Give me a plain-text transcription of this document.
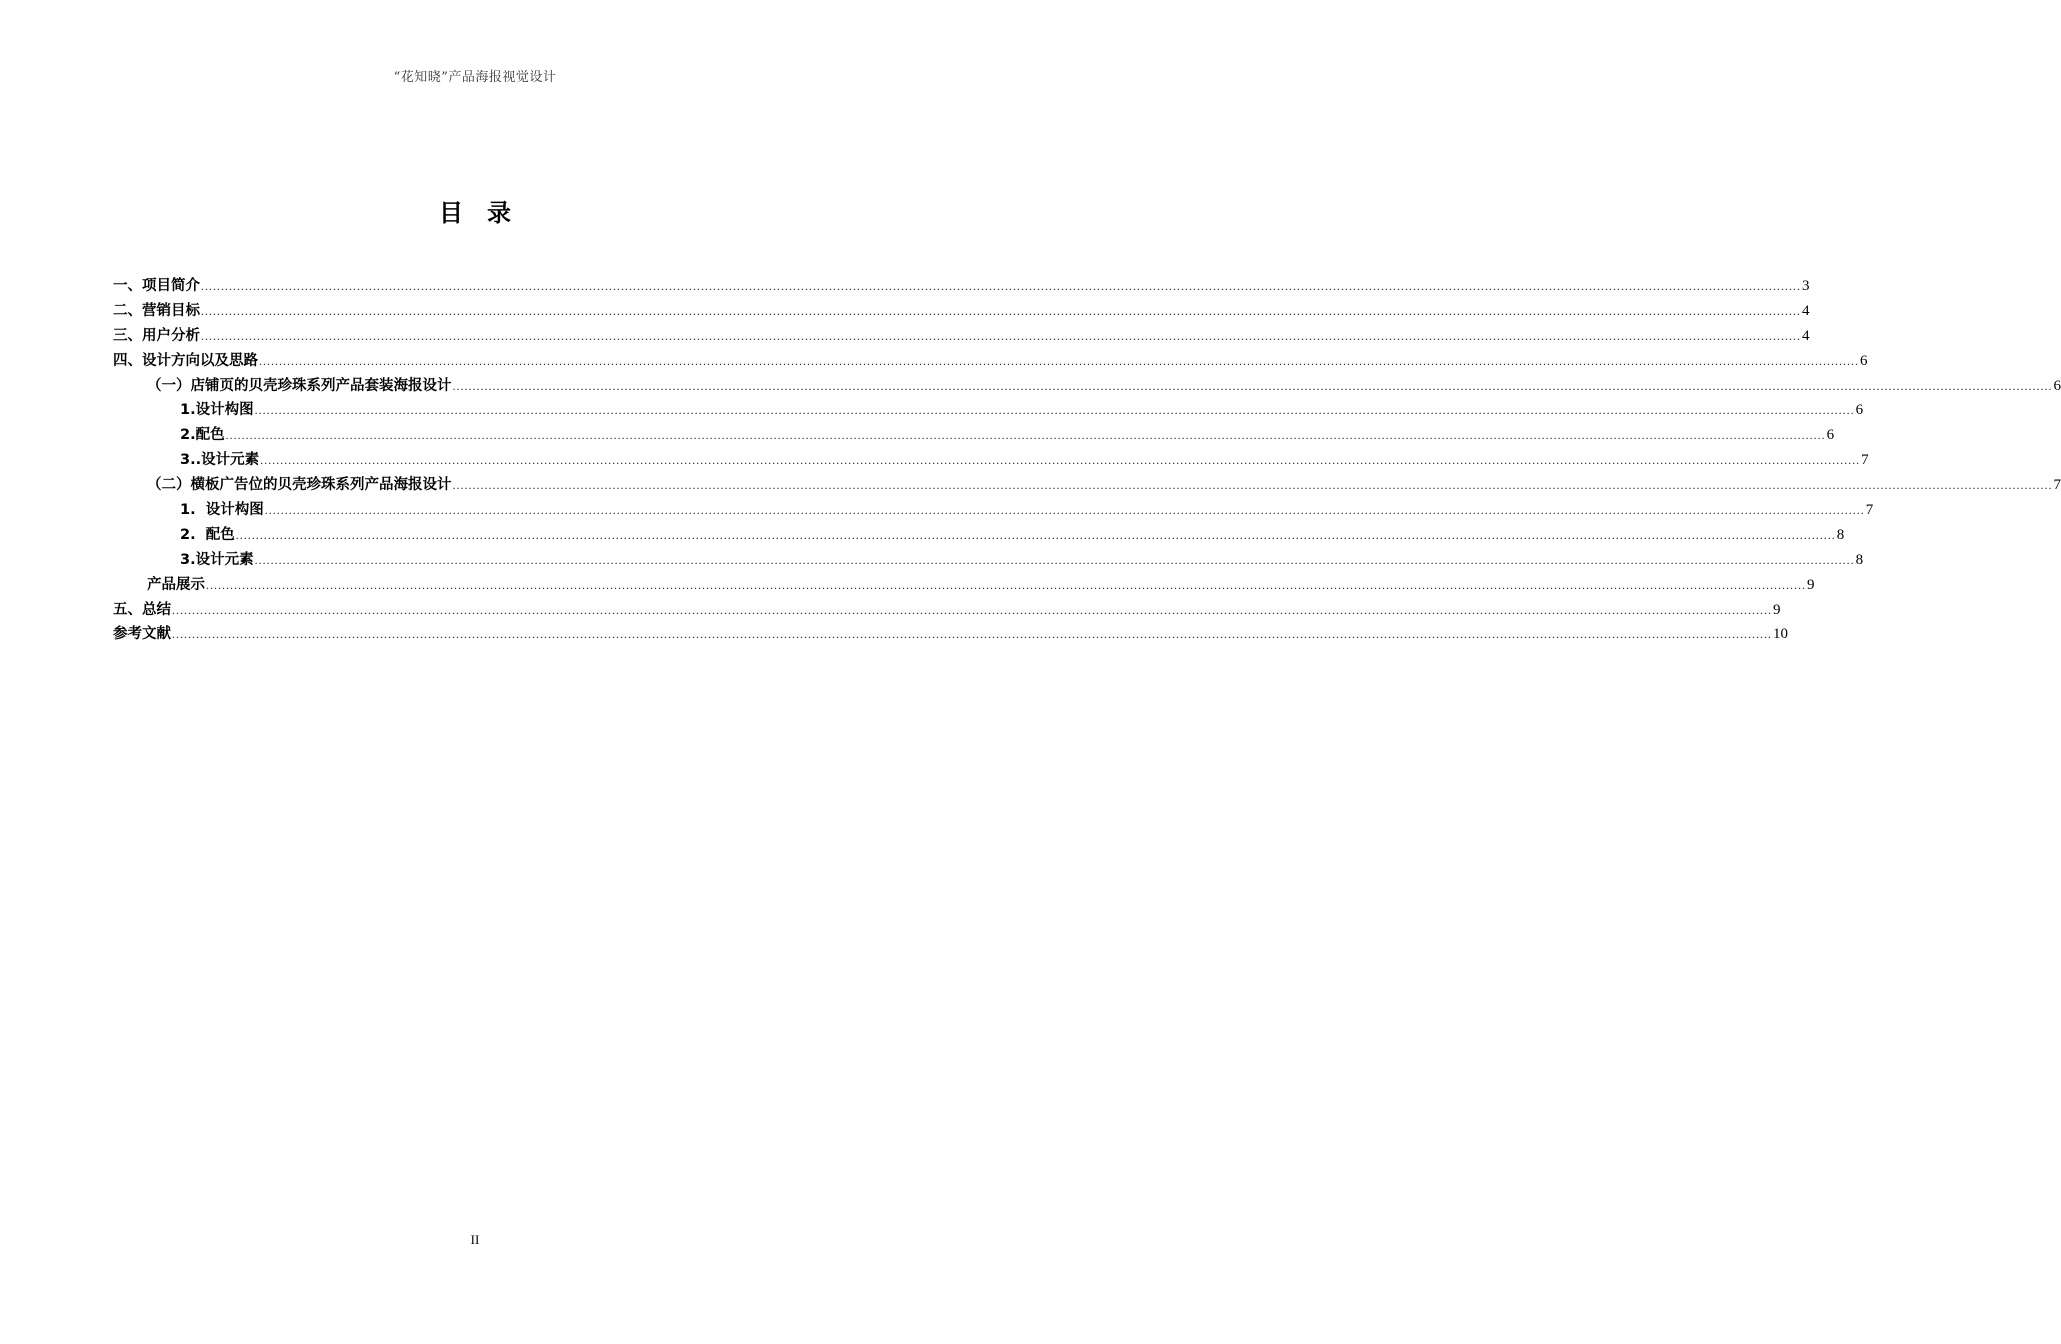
“花知晓”产品海报视觉设计
目 录
一、项目简介 ................................................................................................................................................................................................................................................................................................................................................................................................................ 3
二、营销目标 ................................................................................................................................................................................................................................................................................................................................................................................................................ 4
三、用户分析 ................................................................................................................................................................................................................................................................................................................................................................................................................ 4
四、设计方向以及思路 ................................................................................................................................................................................................................................................................................................................................................................................................................ 6
（一）店铺页的贝壳珍珠系列产品套装海报设计 ................................................................................................................................................................................................................................................................................................................................................................................................................ 6
1.设计构图 ................................................................................................................................................................................................................................................................................................................................................................................................................ 6
2.配色 ................................................................................................................................................................................................................................................................................................................................................................................................................ 6
3..设计元素 ................................................................................................................................................................................................................................................................................................................................................................................................................ 7
（二）横板广告位的贝壳珍珠系列产品海报设计 ................................................................................................................................................................................................................................................................................................................................................................................................................ 7
1.  设计构图 ................................................................................................................................................................................................................................................................................................................................................................................................................ 7
2.  配色 ................................................................................................................................................................................................................................................................................................................................................................................................................ 8
3.设计元素 ................................................................................................................................................................................................................................................................................................................................................................................................................ 8
产品展示 ................................................................................................................................................................................................................................................................................................................................................................................................................ 9
五、总结 ................................................................................................................................................................................................................................................................................................................................................................................................................ 9
参考文献 ................................................................................................................................................................................................................................................................................................................................................................................................................ 10
II
